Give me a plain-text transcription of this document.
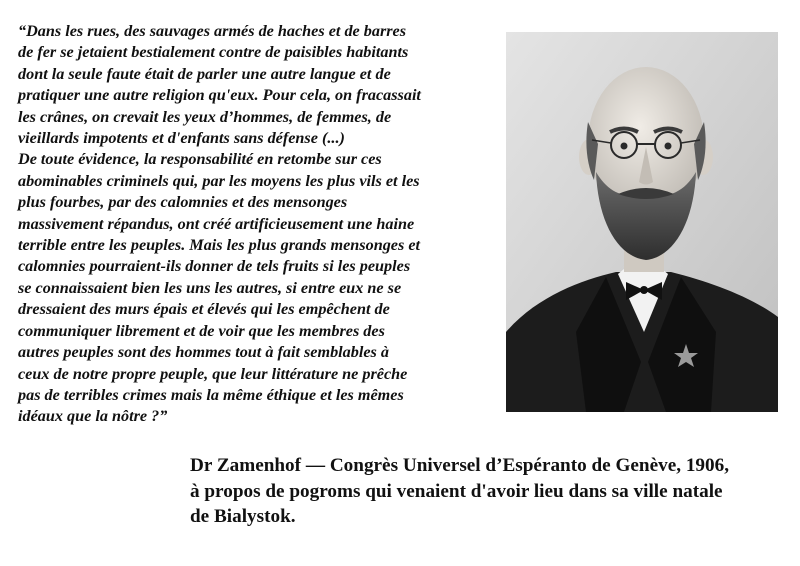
“Dans les rues, des sauvages armés de haches et de barres
de fer se jetaient bestialement contre de paisibles habitants
dont la seule faute était de parler une autre langue et de
pratiquer une autre religion qu'eux. Pour cela, on fracassait
les crânes, on crevait les yeux d’hommes, de femmes, de
vieillards impotents et d'enfants sans défense (...)
De toute évidence, la responsabilité en retombe sur ces
abominables criminels qui, par les moyens les plus vils et les
plus fourbes, par des calomnies et des mensonges
massivement répandus, ont créé artificieusement une haine
terrible entre les peuples. Mais les plus grands mensonges et
calomnies pourraient-ils donner de tels fruits si les peuples
se connaissaient bien les uns les autres, si entre eux ne se
dressaient des murs épais et élevés qui les empêchent de
communiquer librement et de voir que les membres des
autres peuples sont des hommes tout à fait semblables à
ceux de notre propre peuple, que leur littérature ne prêche
pas de terribles crimes mais la même éthique et les mêmes
idéaux que la nôtre ?”
Dr Zamenhof — Congrès Universel d’Espéranto de Genève, 1906,
à propos de pogroms qui venaient d'avoir lieu dans sa ville natale
de Bialystok.
